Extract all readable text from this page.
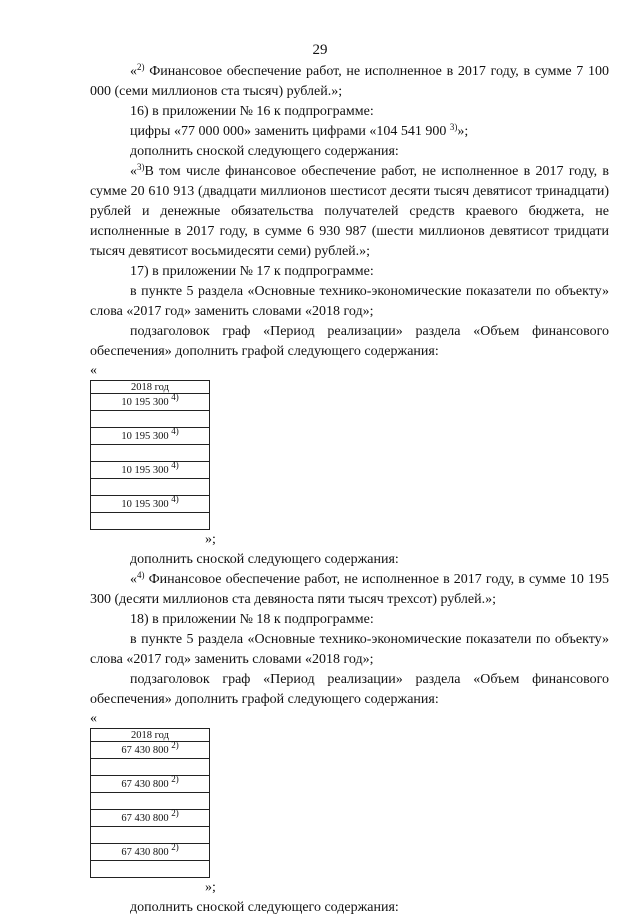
29

«$^{2)}$ Финансовое обеспечение работ, не исполненное в 2017 году, в сумме 7 100 000 (семи миллионов ста тысяч) рублей.»;

16) в приложении № 16 к подпрограмме:

цифры «77 000 000» заменить цифрами «104 541 900 $^{3)}$»;

дополнить сноской следующего содержания:

«$^{3)}$В том числе финансовое обеспечение работ, не исполненное в 2017 году, в сумме 20 610 913 (двадцати миллионов шестисот десяти тысяч девятисот тринадцати) рублей и денежные обязательства получателей средств краевого бюджета, не исполненные в 2017 году, в сумме 6 930 987 (шести миллионов девятисот тридцати тысяч девятисот восьмидесяти семи) рублей.»;

17) в приложении № 17 к подпрограмме:

в пункте 5 раздела «Основные технико-экономические показатели по объекту» слова «2017 год» заменить словами «2018 год»;

подзаголовок граф «Период реализации» раздела «Объем финансового обеспечения» дополнить графой следующего содержания:

«

2018 год
10 195 300 $^{4)}$

10 195 300 $^{4)}$

10 195 300 $^{4)}$

10 195 300 $^{4)}$

»;

дополнить сноской следующего содержания:

«$^{4)}$ Финансовое обеспечение работ, не исполненное в 2017 году, в сумме 10 195 300 (десяти миллионов ста девяноста пяти тысяч трехсот) рублей.»;

18) в приложении № 18 к подпрограмме:

в пункте 5 раздела «Основные технико-экономические показатели по объекту» слова «2017 год» заменить словами «2018 год»;

подзаголовок граф «Период реализации» раздела «Объем финансового обеспечения» дополнить графой следующего содержания:

«

2018 год
67 430 800 $^{2)}$

67 430 800 $^{2)}$

67 430 800 $^{2)}$

67 430 800 $^{2)}$

»;

дополнить сноской следующего содержания:
